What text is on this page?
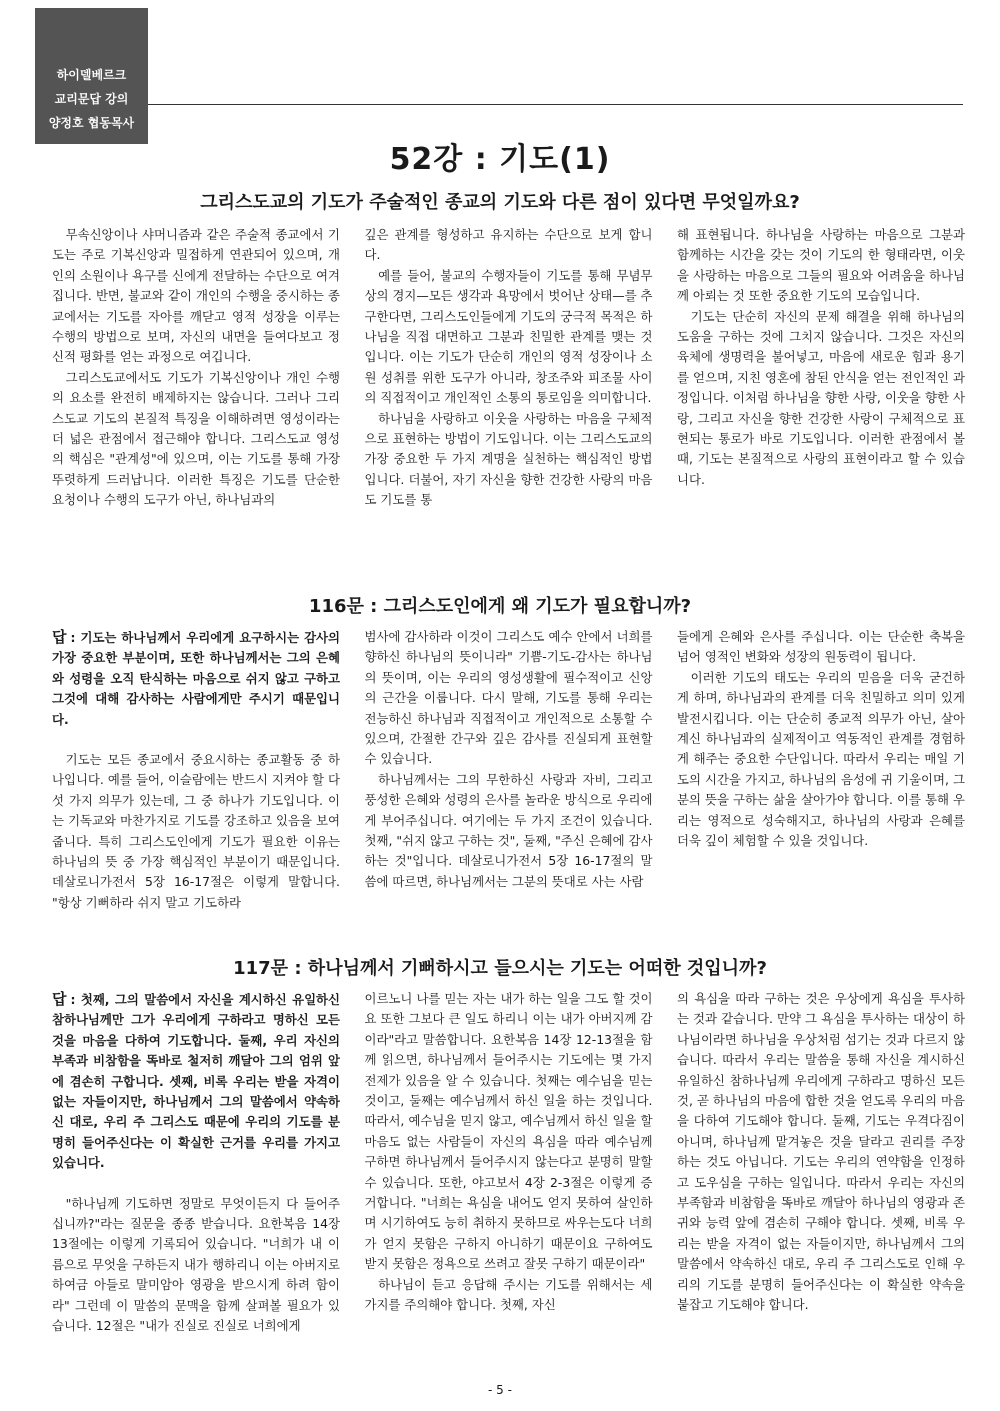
하이델베르크
교리문답 강의
양정호 협동목사
52강 : 기도(1)
그리스도교의 기도가 주술적인 종교의 기도와 다른 점이 있다면 무엇일까요?

무속신앙이나 샤머니즘과 같은 주술적 종교에서 기도는 주로 기복신앙과 밀접하게 연관되어 있으며, 개인의 소원이나 욕구를 신에게 전달하는 수단으로 여겨집니다. 반면, 불교와 같이 개인의 수행을 중시하는 종교에서는 기도를 자아를 깨닫고 영적 성장을 이루는 수행의 방법으로 보며, 자신의 내면을 들여다보고 정신적 평화를 얻는 과정으로 여깁니다.

그리스도교에서도 기도가 기복신앙이나 개인 수행의 요소를 완전히 배제하지는 않습니다. 그러나 그리스도교 기도의 본질적 특징을 이해하려면 영성이라는 더 넓은 관점에서 접근해야 합니다. 그리스도교 영성의 핵심은 "관계성"에 있으며, 이는 기도를 통해 가장 뚜렷하게 드러납니다. 이러한 특징은 기도를 단순한 요청이나 수행의 도구가 아닌, 하나님과의

깊은 관계를 형성하고 유지하는 수단으로 보게 합니다.

예를 들어, 불교의 수행자들이 기도를 통해 무념무상의 경지—모든 생각과 욕망에서 벗어난 상태—를 추구한다면, 그리스도인들에게 기도의 궁극적 목적은 하나님을 직접 대면하고 그분과 친밀한 관계를 맺는 것입니다. 이는 기도가 단순히 개인의 영적 성장이나 소원 성취를 위한 도구가 아니라, 창조주와 피조물 사이의 직접적이고 개인적인 소통의 통로임을 의미합니다.

하나님을 사랑하고 이웃을 사랑하는 마음을 구체적으로 표현하는 방법이 기도입니다. 이는 그리스도교의 가장 중요한 두 가지 계명을 실천하는 핵심적인 방법입니다. 더불어, 자기 자신을 향한 건강한 사랑의 마음도 기도를 통

해 표현됩니다. 하나님을 사랑하는 마음으로 그분과 함께하는 시간을 갖는 것이 기도의 한 형태라면, 이웃을 사랑하는 마음으로 그들의 필요와 어려움을 하나님께 아뢰는 것 또한 중요한 기도의 모습입니다.

기도는 단순히 자신의 문제 해결을 위해 하나님의 도움을 구하는 것에 그치지 않습니다. 그것은 자신의 육체에 생명력을 불어넣고, 마음에 새로운 힘과 용기를 얻으며, 지친 영혼에 참된 안식을 얻는 전인적인 과정입니다. 이처럼 하나님을 향한 사랑, 이웃을 향한 사랑, 그리고 자신을 향한 건강한 사랑이 구체적으로 표현되는 통로가 바로 기도입니다. 이러한 관점에서 볼 때, 기도는 본질적으로 사랑의 표현이라고 할 수 있습니다.

116문 : 그리스도인에게 왜 기도가 필요합니까?

답 : 기도는 하나님께서 우리에게 요구하시는 감사의 가장 중요한 부분이며, 또한 하나님께서는 그의 은혜와 성령을 오직 탄식하는 마음으로 쉬지 않고 구하고 그것에 대해 감사하는 사람에게만 주시기 때문입니다.

기도는 모든 종교에서 중요시하는 종교활동 중 하나입니다. 예를 들어, 이슬람에는 반드시 지켜야 할 다섯 가지 의무가 있는데, 그 중 하나가 기도입니다. 이는 기독교와 마찬가지로 기도를 강조하고 있음을 보여줍니다. 특히 그리스도인에게 기도가 필요한 이유는 하나님의 뜻 중 가장 핵심적인 부분이기 때문입니다. 데살로니가전서 5장 16-17절은 이렇게 말합니다. "항상 기뻐하라 쉬지 말고 기도하라

범사에 감사하라 이것이 그리스도 예수 안에서 너희를 향하신 하나님의 뜻이니라" 기쁨-기도-감사는 하나님의 뜻이며, 이는 우리의 영성생활에 필수적이고 신앙의 근간을 이룹니다. 다시 말해, 기도를 통해 우리는 전능하신 하나님과 직접적이고 개인적으로 소통할 수 있으며, 간절한 간구와 깊은 감사를 진실되게 표현할 수 있습니다.

하나님께서는 그의 무한하신 사랑과 자비, 그리고 풍성한 은혜와 성령의 은사를 놀라운 방식으로 우리에게 부어주십니다. 여기에는 두 가지 조건이 있습니다. 첫째, "쉬지 않고 구하는 것", 둘째, "주신 은혜에 감사하는 것"입니다. 데살로니가전서 5장 16-17절의 말씀에 따르면, 하나님께서는 그분의 뜻대로 사는 사람

들에게 은혜와 은사를 주십니다. 이는 단순한 축복을 넘어 영적인 변화와 성장의 원동력이 됩니다.

이러한 기도의 태도는 우리의 믿음을 더욱 굳건하게 하며, 하나님과의 관계를 더욱 친밀하고 의미 있게 발전시킵니다. 이는 단순히 종교적 의무가 아닌, 살아계신 하나님과의 실제적이고 역동적인 관계를 경험하게 해주는 중요한 수단입니다. 따라서 우리는 매일 기도의 시간을 가지고, 하나님의 음성에 귀 기울이며, 그분의 뜻을 구하는 삶을 살아가야 합니다. 이를 통해 우리는 영적으로 성숙해지고, 하나님의 사랑과 은혜를 더욱 깊이 체험할 수 있을 것입니다.

117문 : 하나님께서 기뻐하시고 들으시는 기도는 어떠한 것입니까?

답 : 첫째, 그의 말씀에서 자신을 계시하신 유일하신 참하나님께만 그가 우리에게 구하라고 명하신 모든 것을 마음을 다하여 기도합니다. 둘째, 우리 자신의 부족과 비참함을 똑바로 철저히 깨달아 그의 엄위 앞에 겸손히 구합니다. 셋째, 비록 우리는 받을 자격이 없는 자들이지만, 하나님께서 그의 말씀에서 약속하신 대로, 우리 주 그리스도 때문에 우리의 기도를 분명히 들어주신다는 이 확실한 근거를 우리를 가지고 있습니다.

"하나님께 기도하면 정말로 무엇이든지 다 들어주십니까?"라는 질문을 종종 받습니다. 요한복음 14장 13절에는 이렇게 기록되어 있습니다. "너희가 내 이름으로 무엇을 구하든지 내가 행하리니 이는 아버지로 하여금 아들로 말미암아 영광을 받으시게 하려 함이라" 그런데 이 말씀의 문맥을 함께 살펴볼 필요가 있습니다. 12절은 "내가 진실로 진실로 너희에게

이르노니 나를 믿는 자는 내가 하는 일을 그도 할 것이요 또한 그보다 큰 일도 하리니 이는 내가 아버지께 감이라"라고 말씀합니다. 요한복음 14장 12-13절을 함께 읽으면, 하나님께서 들어주시는 기도에는 몇 가지 전제가 있음을 알 수 있습니다. 첫째는 예수님을 믿는 것이고, 둘째는 예수님께서 하신 일을 하는 것입니다. 따라서, 예수님을 믿지 않고, 예수님께서 하신 일을 할 마음도 없는 사람들이 자신의 욕심을 따라 예수님께 구하면 하나님께서 들어주시지 않는다고 분명히 말할 수 있습니다. 또한, 야고보서 4장 2-3절은 이렇게 증거합니다. "너희는 욕심을 내어도 얻지 못하여 살인하며 시기하여도 능히 취하지 못하므로 싸우는도다 너희가 얻지 못함은 구하지 아니하기 때문이요 구하여도 받지 못함은 정욕으로 쓰려고 잘못 구하기 때문이라"

하나님이 듣고 응답해 주시는 기도를 위해서는 세 가지를 주의해야 합니다. 첫째, 자신

의 욕심을 따라 구하는 것은 우상에게 욕심을 투사하는 것과 같습니다. 만약 그 욕심을 투사하는 대상이 하나님이라면 하나님을 우상처럼 섬기는 것과 다르지 않습니다. 따라서 우리는 말씀을 통해 자신을 계시하신 유일하신 참하나님께 우리에게 구하라고 명하신 모든 것, 곧 하나님의 마음에 합한 것을 얻도록 우리의 마음을 다하여 기도해야 합니다. 둘째, 기도는 우격다짐이 아니며, 하나님께 맡겨놓은 것을 달라고 권리를 주장하는 것도 아닙니다. 기도는 우리의 연약함을 인정하고 도우심을 구하는 일입니다. 따라서 우리는 자신의 부족함과 비참함을 똑바로 깨달아 하나님의 영광과 존귀와 능력 앞에 겸손히 구해야 합니다. 셋째, 비록 우리는 받을 자격이 없는 자들이지만, 하나님께서 그의 말씀에서 약속하신 대로, 우리 주 그리스도로 인해 우리의 기도를 분명히 들어주신다는 이 확실한 약속을 붙잡고 기도해야 합니다.

- 5 -
